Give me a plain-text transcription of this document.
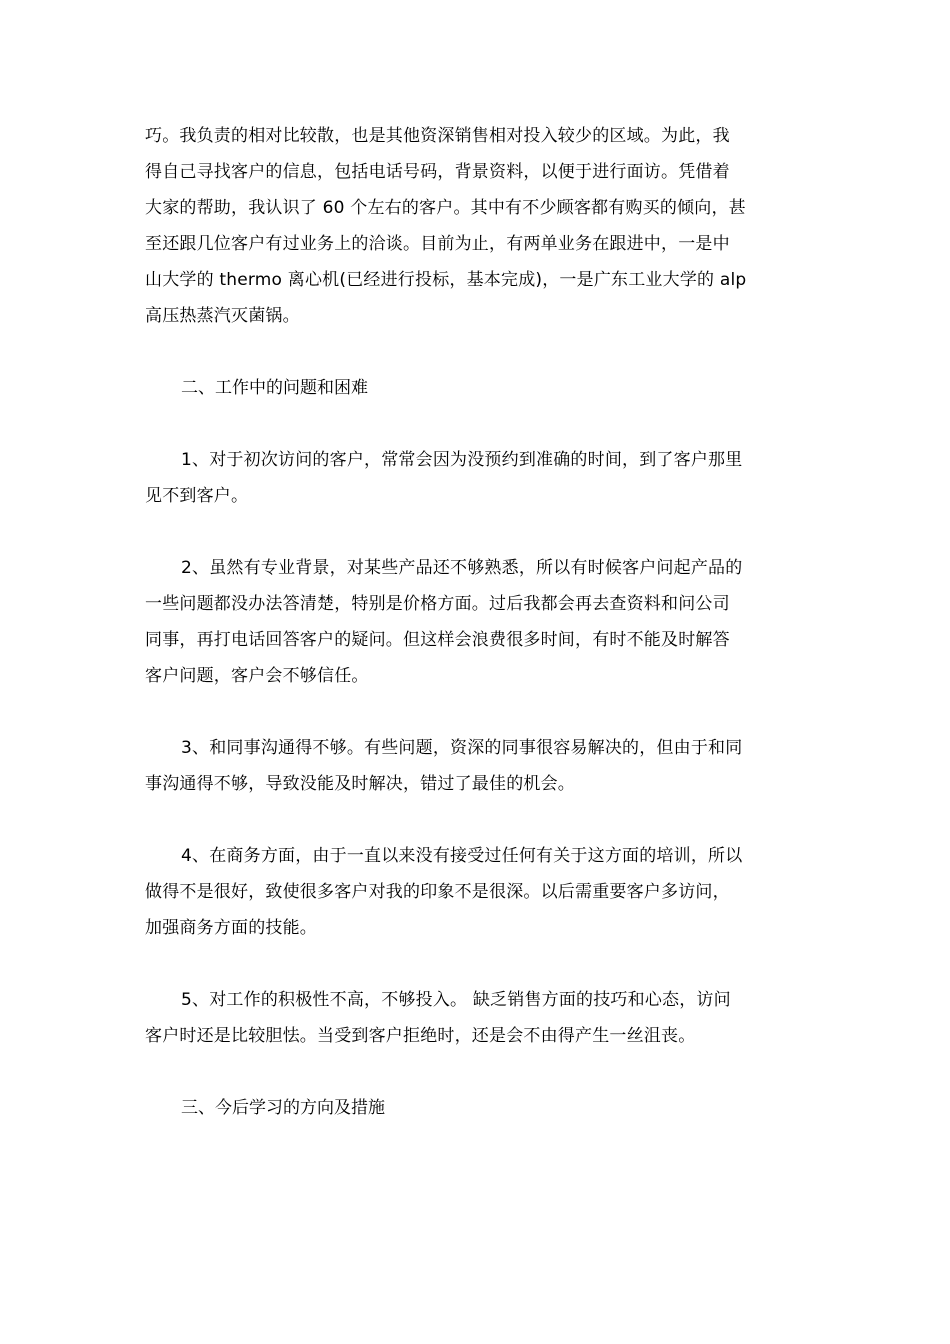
巧。我负责的相对比较散，也是其他资深销售相对投入较少的区域。为此，我
得自己寻找客户的信息，包括电话号码，背景资料，以便于进行面访。凭借着
大家的帮助，我认识了 60 个左右的客户。其中有不少顾客都有购买的倾向，甚
至还跟几位客户有过业务上的洽谈。目前为止，有两单业务在跟进中，一是中
山大学的 thermo 离心机(已经进行投标，基本完成)，一是广东工业大学的 alp
高压热蒸汽灭菌锅。

二、工作中的问题和困难

1、对于初次访问的客户，常常会因为没预约到准确的时间，到了客户那里
见不到客户。

2、虽然有专业背景，对某些产品还不够熟悉，所以有时候客户问起产品的
一些问题都没办法答清楚，特别是价格方面。过后我都会再去查资料和问公司
同事，再打电话回答客户的疑问。但这样会浪费很多时间，有时不能及时解答
客户问题，客户会不够信任。

3、和同事沟通得不够。有些问题，资深的同事很容易解决的，但由于和同
事沟通得不够，导致没能及时解决，错过了最佳的机会。

4、在商务方面，由于一直以来没有接受过任何有关于这方面的培训，所以
做得不是很好，致使很多客户对我的印象不是很深。以后需重要客户多访问，
加强商务方面的技能。

5、对工作的积极性不高，不够投入。 缺乏销售方面的技巧和心态，访问
客户时还是比较胆怯。当受到客户拒绝时，还是会不由得产生一丝沮丧。

三、今后学习的方向及措施
